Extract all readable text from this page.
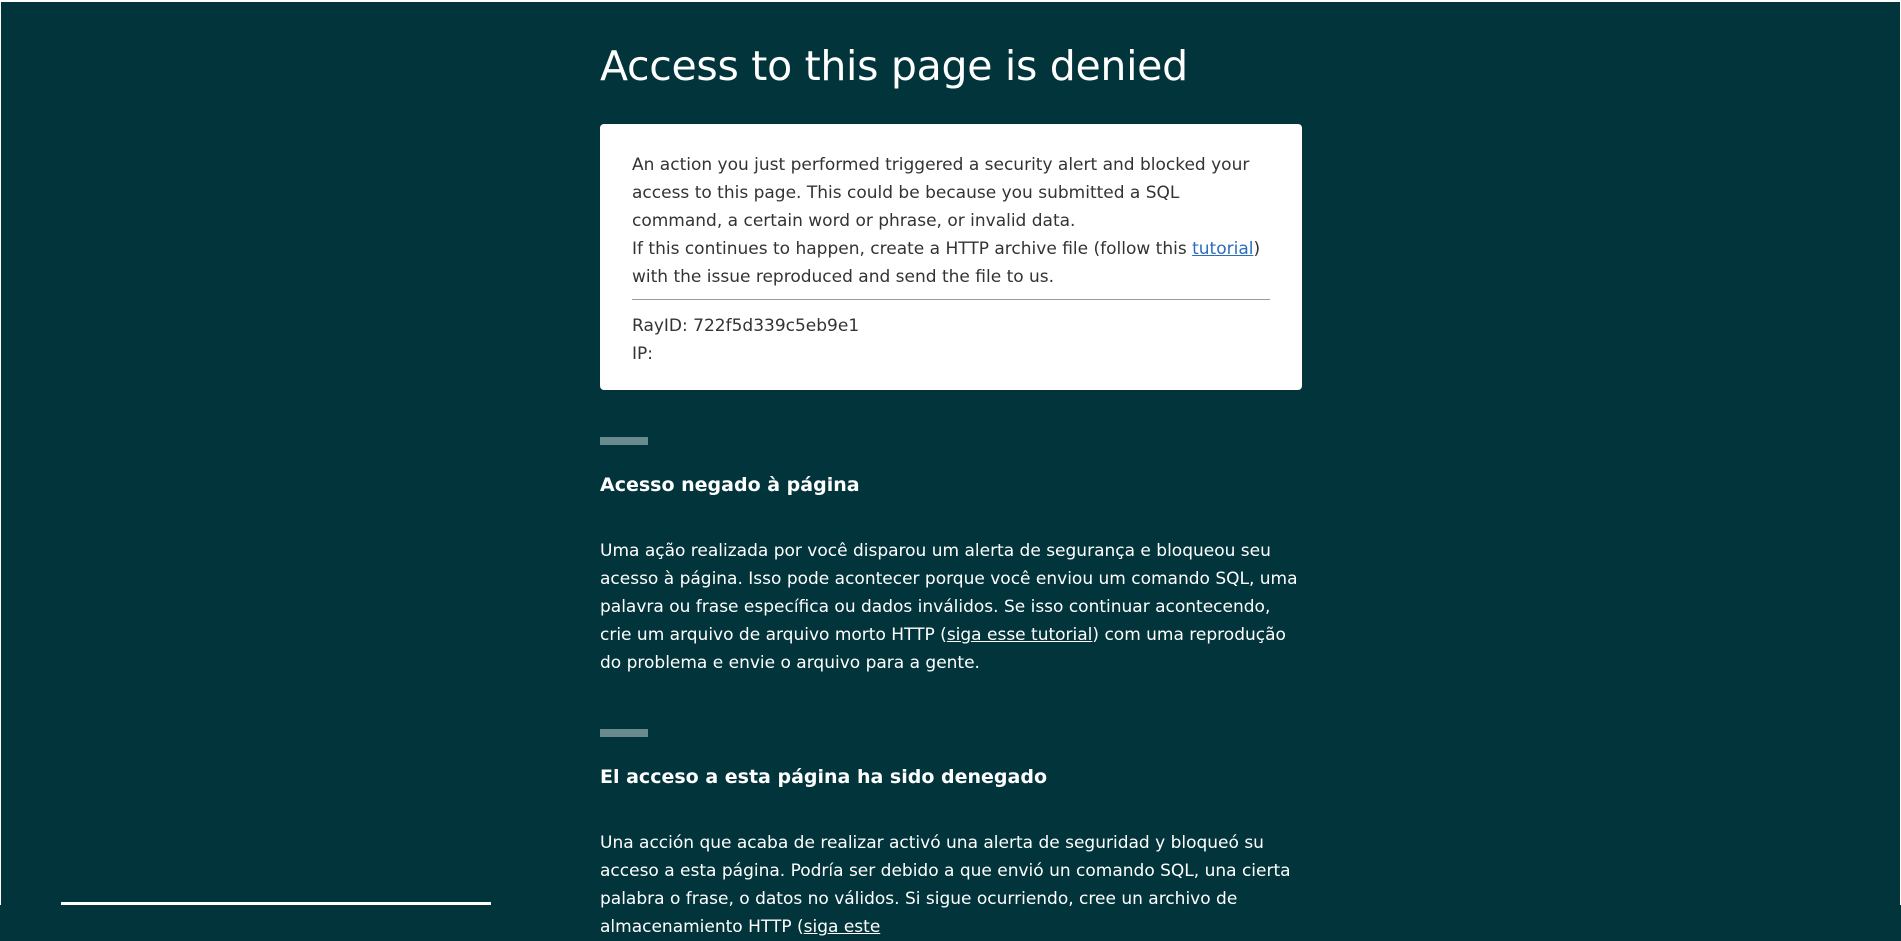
Access to this page is denied

An action you just performed triggered a security alert and blocked your access to this page. This could be because you submitted a SQL command, a certain word or phrase, or invalid data.

If this continues to happen, create a HTTP archive file (follow this tutorial) with the issue reproduced and send the file to us.

RayID: 722f5d339c5eb9e1

IP:

Acesso negado à página

Uma ação realizada por você disparou um alerta de segurança e bloqueou seu acesso à página. Isso pode acontecer porque você enviou um comando SQL, uma palavra ou frase específica ou dados inválidos. Se isso continuar acontecendo, crie um arquivo de arquivo morto HTTP (siga esse tutorial) com uma reprodução do problema e envie o arquivo para a gente.

El acceso a esta página ha sido denegado

Una acción que acaba de realizar activó una alerta de seguridad y bloqueó su acceso a esta página. Podría ser debido a que envió un comando SQL, una cierta palabra o frase, o datos no válidos. Si sigue ocurriendo, cree un archivo de almacenamiento HTTP (siga este
